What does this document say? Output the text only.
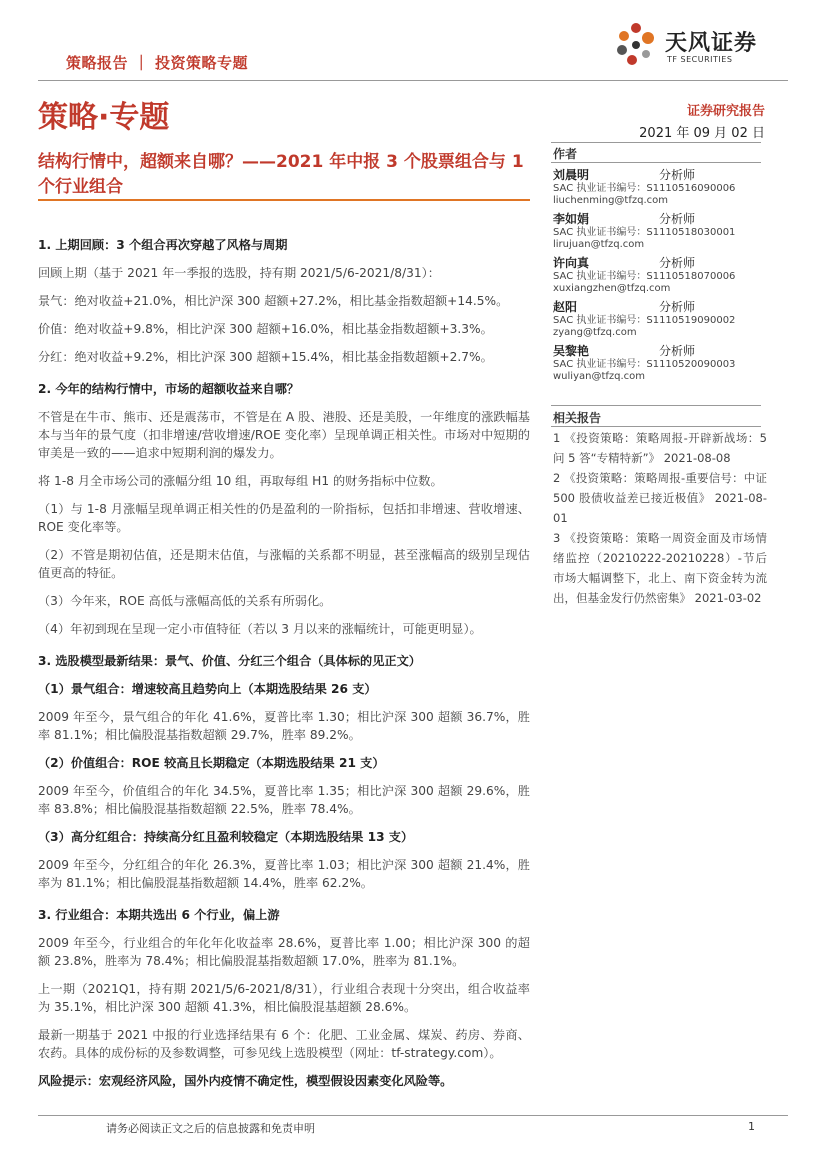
策略报告 ｜ 投资策略专题
天风证券
TF SECURITIES
策略·专题	证券研究报告
2021 年 09 月 02 日
结构行情中，超额来自哪？——2021 年中报 3 个股票组合与 1 个行业组合

1. 上期回顾：3 个组合再次穿越了风格与周期

回顾上期（基于 2021 年一季报的选股，持有期 2021/5/6-2021/8/31）：

景气：绝对收益+21.0%，相比沪深 300 超额+27.2%，相比基金指数超额+14.5%。

价值：绝对收益+9.8%，相比沪深 300 超额+16.0%，相比基金指数超额+3.3%。

分红：绝对收益+9.2%，相比沪深 300 超额+15.4%，相比基金指数超额+2.7%。

2. 今年的结构行情中，市场的超额收益来自哪？

不管是在牛市、熊市、还是震荡市，不管是在 A 股、港股、还是美股，一年维度的涨跌幅基本与当年的景气度（扣非增速/营收增速/ROE 变化率）呈现单调正相关性。市场对中短期的审美是一致的——追求中短期利润的爆发力。

将 1-8 月全市场公司的涨幅分组 10 组，再取每组 H1 的财务指标中位数。

（1）与 1-8 月涨幅呈现单调正相关性的仍是盈利的一阶指标，包括扣非增速、营收增速、ROE 变化率等。

（2）不管是期初估值，还是期末估值，与涨幅的关系都不明显，甚至涨幅高的级别呈现估值更高的特征。

（3）今年来，ROE 高低与涨幅高低的关系有所弱化。

（4）年初到现在呈现一定小市值特征（若以 3 月以来的涨幅统计，可能更明显）。

3. 选股模型最新结果：景气、价值、分红三个组合（具体标的见正文）

（1）景气组合：增速较高且趋势向上（本期选股结果 26 支）

2009 年至今，景气组合的年化 41.6%，夏普比率 1.30；相比沪深 300 超额 36.7%，胜率 81.1%；相比偏股混基指数超额 29.7%，胜率 89.2%。

（2）价值组合：ROE 较高且长期稳定（本期选股结果 21 支）

2009 年至今，价值组合的年化 34.5%，夏普比率 1.35；相比沪深 300 超额 29.6%，胜率 83.8%；相比偏股混基指数超额 22.5%，胜率 78.4%。

（3）高分红组合：持续高分红且盈利较稳定（本期选股结果 13 支）

2009 年至今，分红组合的年化 26.3%，夏普比率 1.03；相比沪深 300 超额 21.4%，胜率为 81.1%；相比偏股混基指数超额 14.4%，胜率 62.2%。

3. 行业组合：本期共选出 6 个行业，偏上游

2009 年至今，行业组合的年化年化收益率 28.6%，夏普比率 1.00；相比沪深 300 的超额 23.8%，胜率为 78.4%；相比偏股混基指数超额 17.0%，胜率为 81.1%。

上一期（2021Q1，持有期 2021/5/6-2021/8/31），行业组合表现十分突出，组合收益率为 35.1%，相比沪深 300 超额 41.3%，相比偏股混基超额 28.6%。

最新一期基于 2021 中报的行业选择结果有 6 个：化肥、工业金属、煤炭、药房、券商、农药。具体的成份标的及参数调整，可参见线上选股模型（网址：tf-strategy.com）。

风险提示：宏观经济风险，国外内疫情不确定性，模型假设因素变化风险等。

作者
刘晨明	分析师
SAC 执业证书编号：S1110516090006
liuchenming@tfzq.com
李如娟	分析师
SAC 执业证书编号：S1110518030001
lirujuan@tfzq.com
许向真	分析师
SAC 执业证书编号：S1110518070006
xuxiangzhen@tfzq.com
赵阳	分析师
SAC 执业证书编号：S1110519090002
zyang@tfzq.com
吴黎艳	分析师
SAC 执业证书编号：S1110520090003
wuliyan@tfzq.com
相关报告

1 《投资策略：策略周报-开辟新战场：5 问 5 答“专精特新”》 2021-08-08

2 《投资策略：策略周报-重要信号：中证 500 股债收益差已接近极值》 2021-08-01

3 《投资策略：策略一周资金面及市场情绪监控（20210222-20210228）-节后市场大幅调整下，北上、南下资金转为流出，但基金发行仍然密集》 2021-03-02

请务必阅读正文之后的信息披露和免责申明	1
